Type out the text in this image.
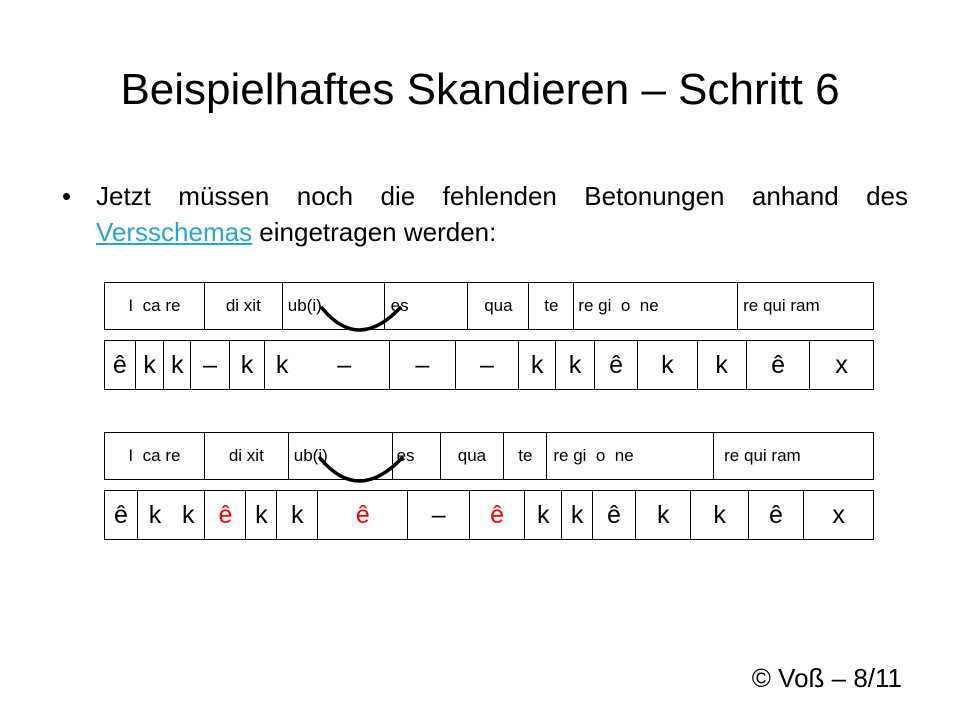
Beispielhaftes Skandieren – Schritt 6
• Jetzt müssen noch die fehlenden Betonungen anhand des Versschemas eingetragen werden:
I ca re	di xit	ub(i)	es	qua	te	re gi o ne	re qui ram
ê	k	k	–	k	k	–	–	–	k	k	ê	k	k	ê	x
I ca re	di xit	ub(i)	es	qua	te	re gi o ne	re qui ram
ê	k	k	ê	k	k	ê	–	ê	k	k	ê	k	k	ê	x
© Voß – 8/11
